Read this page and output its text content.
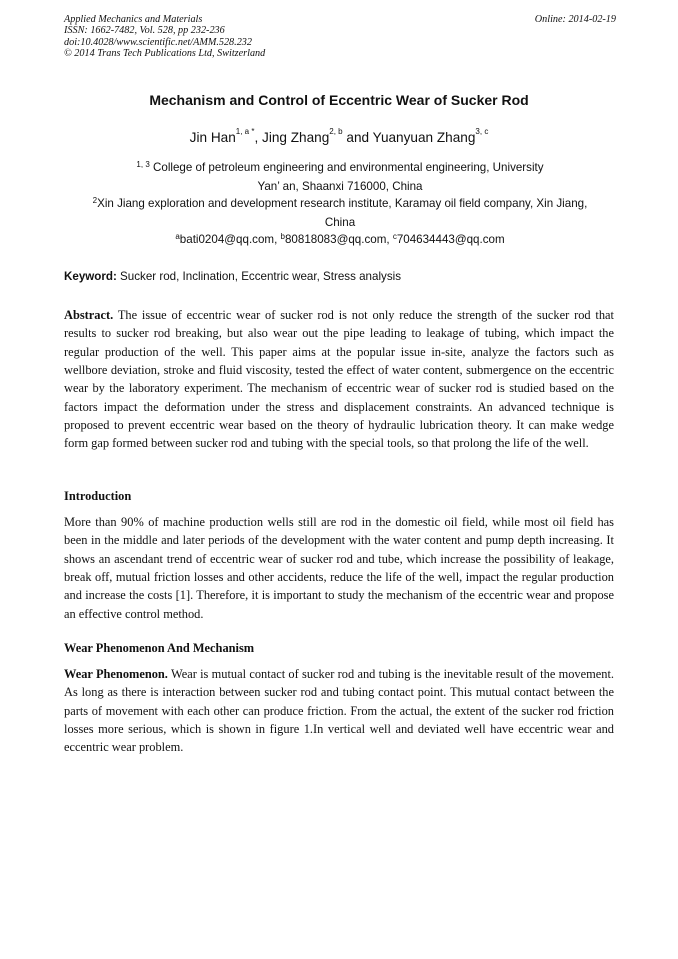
Applied Mechanics and Materials
ISSN: 1662-7482, Vol. 528, pp 232-236
doi:10.4028/www.scientific.net/AMM.528.232
© 2014 Trans Tech Publications Ltd, Switzerland
Online: 2014-02-19
Mechanism and Control of Eccentric Wear of Sucker Rod
Jin Han$^{1, a *}$, Jing Zhang$^{2, b}$ and Yuanyuan Zhang$^{3, c}$
$^{1, 3}$ College of petroleum engineering and environmental engineering, University
Yan’ an, Shaanxi 716000, China
$^2$Xin Jiang exploration and development research institute, Karamay oil field company, Xin Jiang,
China
$^a$bati0204@qq.com, $^b$80818083@qq.com, $^c$704634443@qq.com
Keyword: Sucker rod, Inclination, Eccentric wear, Stress analysis
Abstract. The issue of eccentric wear of sucker rod is not only reduce the strength of the sucker rod that results to sucker rod breaking, but also wear out the pipe leading to leakage of tubing, which impact the regular production of the well. This paper aims at the popular issue in-site, analyze the factors such as wellbore deviation, stroke and fluid viscosity, tested the effect of water content, submergence on the eccentric wear by the laboratory experiment. The mechanism of eccentric wear of sucker rod is studied based on the factors impact the deformation under the stress and displacement constraints. An advanced technique is proposed to prevent eccentric wear based on the theory of hydraulic lubrication theory. It can make wedge form gap formed between sucker rod and tubing with the special tools, so that prolong the life of the well.
Introduction
More than 90% of machine production wells still are rod in the domestic oil field, while most oil field has been in the middle and later periods of the development with the water content and pump depth increasing. It shows an ascendant trend of eccentric wear of sucker rod and tube, which increase the possibility of leakage, break off, mutual friction losses and other accidents, reduce the life of the well, impact the regular production and increase the costs [1]. Therefore, it is important to study the mechanism of the eccentric wear and propose an effective control method.
Wear Phenomenon And Mechanism
Wear Phenomenon. Wear is mutual contact of sucker rod and tubing is the inevitable result of the movement. As long as there is interaction between sucker rod and tubing contact point. This mutual contact between the parts of movement with each other can produce friction. From the actual, the extent of the sucker rod friction losses more serious, which is shown in figure 1.In vertical well and deviated well have eccentric wear and eccentric wear problem.
